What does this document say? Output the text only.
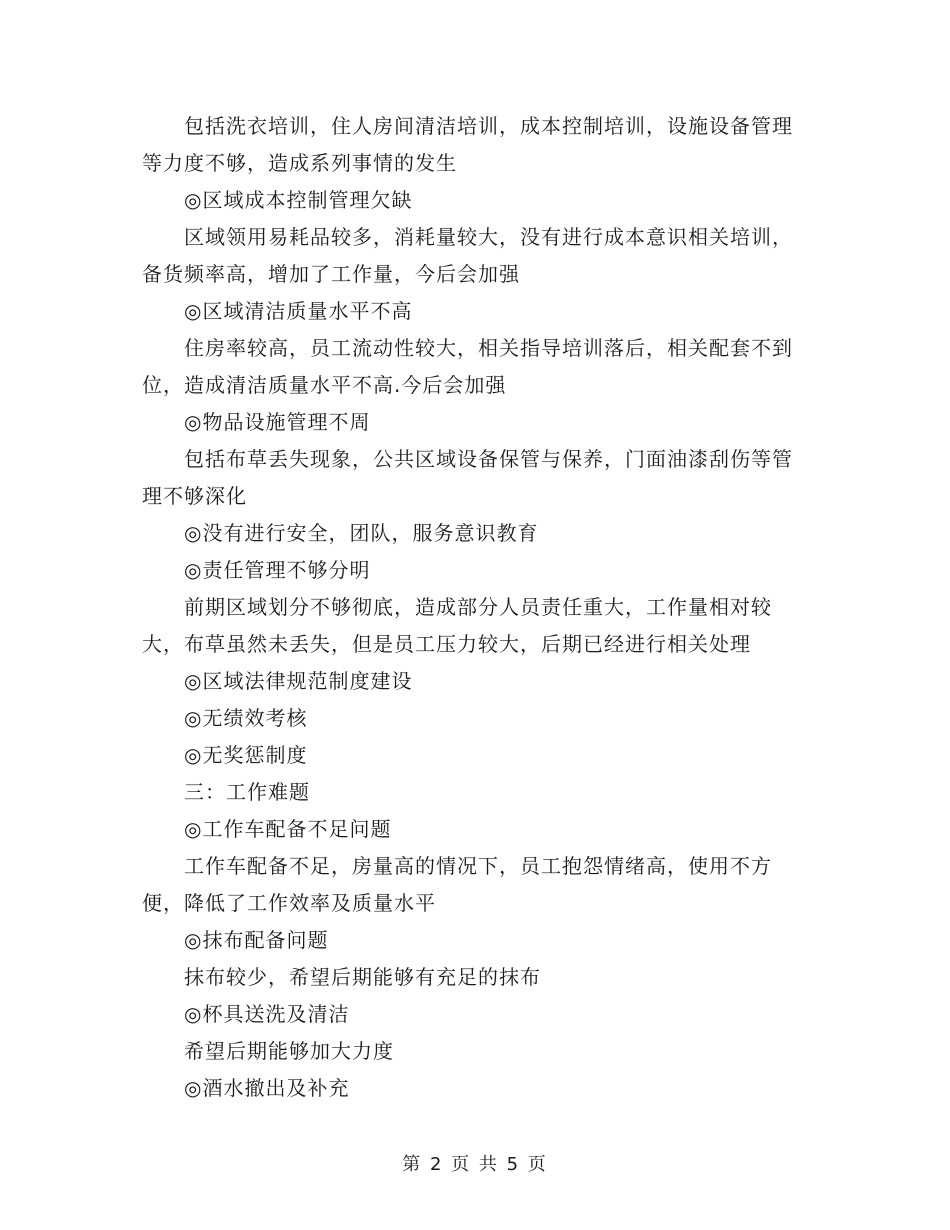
包括洗衣培训，住人房间清洁培训，成本控制培训，设施设备管理等力度不够，造成系列事情的发生

◎区域成本控制管理欠缺

区域领用易耗品较多，消耗量较大，没有进行成本意识相关培训，备货频率高，增加了工作量，今后会加强

◎区域清洁质量水平不高

住房率较高，员工流动性较大，相关指导培训落后，相关配套不到位，造成清洁质量水平不高.今后会加强

◎物品设施管理不周

包括布草丢失现象，公共区域设备保管与保养，门面油漆刮伤等管理不够深化

◎没有进行安全，团队，服务意识教育

◎责任管理不够分明

前期区域划分不够彻底，造成部分人员责任重大，工作量相对较大，布草虽然未丢失，但是员工压力较大，后期已经进行相关处理

◎区域法律规范制度建设

◎无绩效考核

◎无奖惩制度

三：工作难题

◎工作车配备不足问题

工作车配备不足，房量高的情况下，员工抱怨情绪高，使用不方便，降低了工作效率及质量水平

◎抹布配备问题

抹布较少，希望后期能够有充足的抹布

◎杯具送洗及清洁

希望后期能够加大力度

◎酒水撤出及补充

第 2 页 共 5 页
